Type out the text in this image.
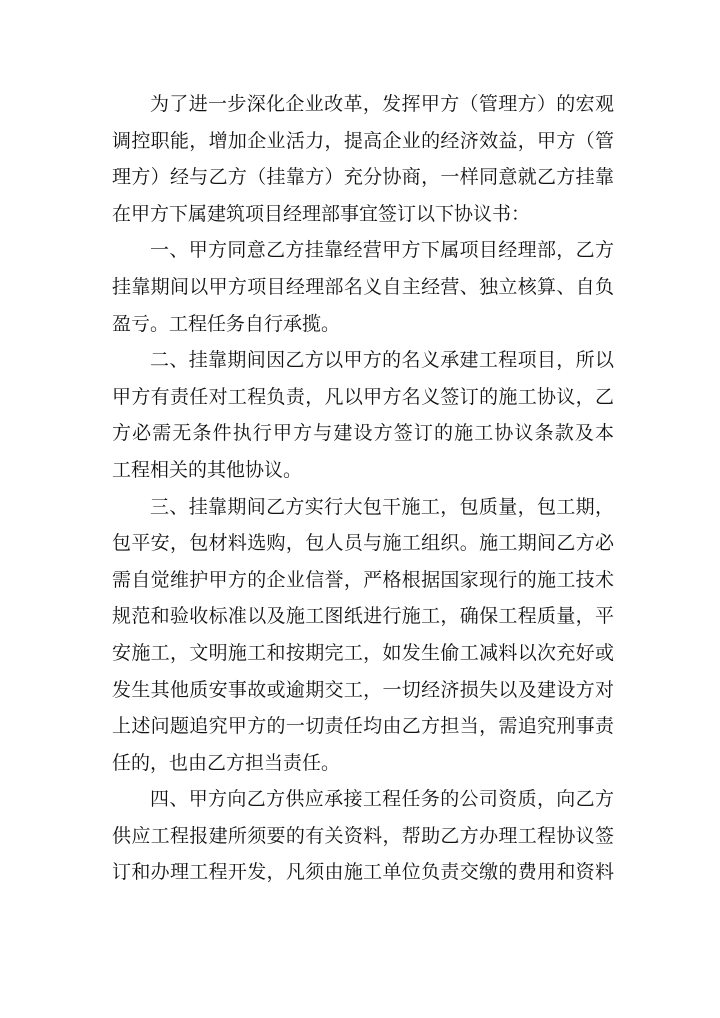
为了进一步深化企业改革，发挥甲方（管理方）的宏观
调控职能，增加企业活力，提高企业的经济效益，甲方（管
理方）经与乙方（挂靠方）充分协商，一样同意就乙方挂靠
在甲方下属建筑项目经理部事宜签订以下协议书：
一、甲方同意乙方挂靠经营甲方下属项目经理部，乙方
挂靠期间以甲方项目经理部名义自主经营、独立核算、自负
盈亏。工程任务自行承揽。
二、挂靠期间因乙方以甲方的名义承建工程项目，所以
甲方有责任对工程负责，凡以甲方名义签订的施工协议，乙
方必需无条件执行甲方与建设方签订的施工协议条款及本
工程相关的其他协议。
三、挂靠期间乙方实行大包干施工，包质量，包工期，
包平安，包材料选购，包人员与施工组织。施工期间乙方必
需自觉维护甲方的企业信誉，严格根据国家现行的施工技术
规范和验收标准以及施工图纸进行施工，确保工程质量，平
安施工，文明施工和按期完工，如发生偷工减料以次充好或
发生其他质安事故或逾期交工，一切经济损失以及建设方对
上述问题追究甲方的一切责任均由乙方担当，需追究刑事责
任的，也由乙方担当责任。
四、甲方向乙方供应承接工程任务的公司资质，向乙方
供应工程报建所须要的有关资料，帮助乙方办理工程协议签
订和办理工程开发，凡须由施工单位负责交缴的费用和资料
